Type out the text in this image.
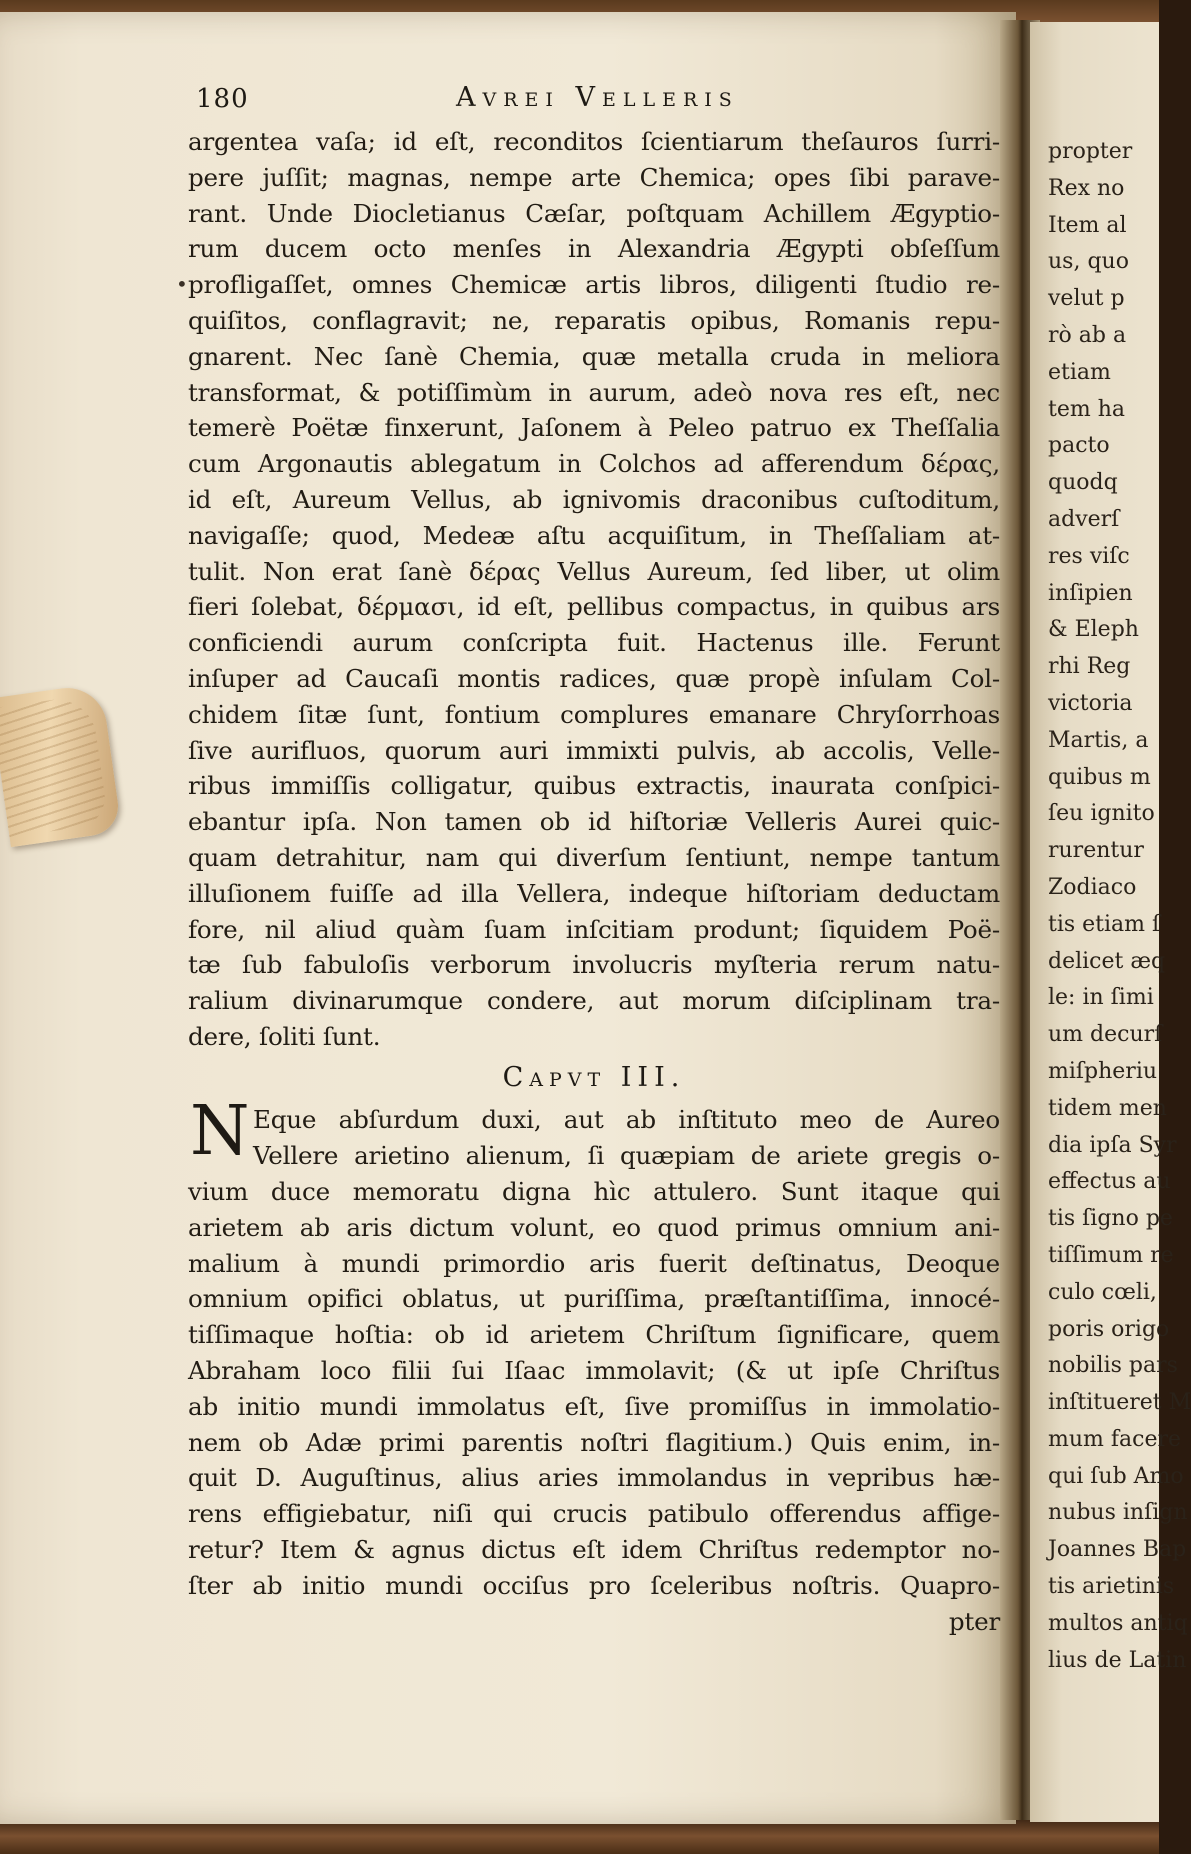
propter
Rex no
Item al
us, quo
velut p
rò ab a
etiam
tem ha
pacto
quodq
adverſ
res viſc
inſipien
& Eleph
rhi Reg
victoria
Martis, a
quibus m
ſeu ignito
rurentur
Zodiaco
tis etiam ſ
delicet æq
le: in ſimi
um decurſ
miſpheriu
tidem men
dia ipſa Syr
effectus au
tis ſigno pe
tiſſimum re
culo cœli,
poris origo
nobilis pars
inſtitueret M
mum facere
qui ſub Amo
nubus inſign
Joannes Bap
tis arietinis
multos antiq
lius de Latin
180	Avrei Velleris
•
argentea vaſa; id eſt, reconditos ſcientiarum theſauros ſurri-
pere juſſit; magnas, nempe arte Chemica; opes ſibi parave-
rant. Unde Diocletianus Cæſar, poſtquam Achillem Ægyptio-
rum ducem octo menſes in Alexandria Ægypti obſeſſum
profligaſſet, omnes Chemicæ artis libros, diligenti ſtudio re-
quiſitos, conflagravit; ne, reparatis opibus, Romanis repu-
gnarent. Nec ſanè Chemia, quæ metalla cruda in meliora
transformat, & potiſſimùm in aurum, adeò nova res eſt, nec
temerè Poëtæ finxerunt, Jaſonem à Peleo patruo ex Theſſalia
cum Argonautis ablegatum in Colchos ad afferendum δέρας,
id eſt, Aureum Vellus, ab ignivomis draconibus cuſtoditum,
navigaſſe; quod, Medeæ aſtu acquiſitum, in Theſſaliam at-
tulit. Non erat ſanè δέρας Vellus Aureum, ſed liber, ut olim
fieri ſolebat, δέρμασι, id eſt, pellibus compactus, in quibus ars
conficiendi aurum conſcripta fuit. Hactenus ille. Ferunt
inſuper ad Caucaſi montis radices, quæ propè inſulam Col-
chidem ſitæ ſunt, fontium complures emanare Chryſorrhoas
ſive aurifluos, quorum auri immixti pulvis, ab accolis, Velle-
ribus immiſſis colligatur, quibus extractis, inaurata conſpici-
ebantur ipſa. Non tamen ob id hiſtoriæ Velleris Aurei quic-
quam detrahitur, nam qui diverſum ſentiunt, nempe tantum
illuſionem fuiſſe ad illa Vellera, indeque hiſtoriam deductam
fore, nil aliud quàm ſuam inſcitiam produnt; ſiquidem Poë-
tæ ſub fabuloſis verborum involucris myſteria rerum natu-
ralium divinarumque condere, aut morum diſciplinam tra-
dere, ſoliti ſunt.
Capvt III.
N Eque abſurdum duxi, aut ab inſtituto meo de Aureo
Vellere arietino alienum, ſi quæpiam de ariete gregis o-
vium duce memoratu digna hìc attulero. Sunt itaque qui
arietem ab aris dictum volunt, eo quod primus omnium ani-
malium à mundi primordio aris fuerit deſtinatus, Deoque
omnium opifici oblatus, ut puriſſima, præſtantiſſima, innocé-
tiſſimaque hoſtia: ob id arietem Chriſtum ſignificare, quem
Abraham loco filii ſui Iſaac immolavit; (& ut ipſe Chriſtus
ab initio mundi immolatus eſt, ſive promiſſus in immolatio-
nem ob Adæ primi parentis noſtri flagitium.) Quis enim, in-
quit D. Auguſtinus, alius aries immolandus in vepribus hæ-
rens effigiebatur, niſi qui crucis patibulo offerendus affige-
retur? Item & agnus dictus eſt idem Chriſtus redemptor no-
ſter ab initio mundi occiſus pro ſceleribus noſtris. Quapro-
pter
